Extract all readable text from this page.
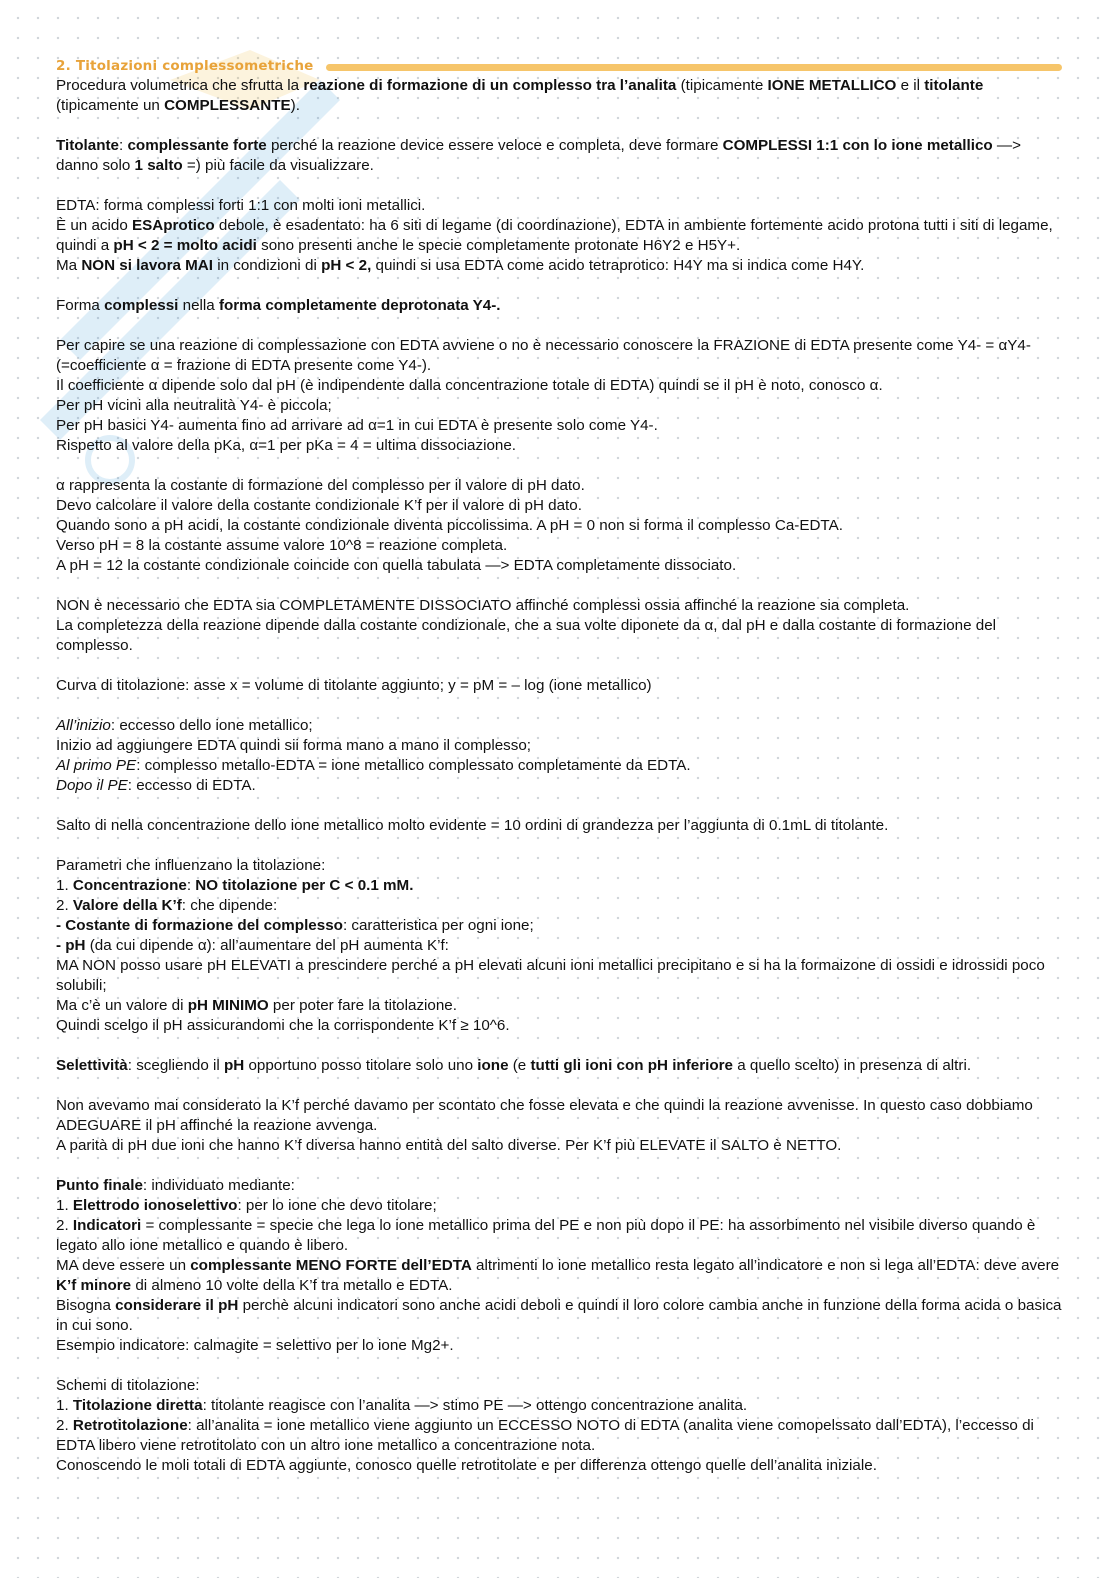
2. Titolazioni complessometriche

Procedura volumetrica che sfrutta la reazione di formazione di un complesso tra l’analita (tipicamente IONE METALLICO e il titolante (tipicamente un COMPLESSANTE).

Titolante: complessante forte perché la reazione device essere veloce e completa, deve formare COMPLESSI 1:1 con lo ione metallico —> danno solo 1 salto =) più facile da visualizzare.

EDTA: forma complessi forti 1:1 con molti ioni metallici.
È un acido ESAprotico debole, è esadentato: ha 6 siti di legame (di coordinazione), EDTA in ambiente fortemente acido protona tutti i siti di legame, quindi a pH < 2 = molto acidi sono presenti anche le specie completamente protonate H6Y2 e H5Y+.
Ma NON si lavora MAI in condizioni di pH < 2, quindi si usa EDTA come acido tetraprotico: H4Y ma si indica come H4Y.

Forma complessi nella forma completamente deprotonata Y4-.

Per capire se una reazione di complessazione con EDTA avviene o no è necessario conoscere la FRAZIONE di EDTA presente come Y4- = αY4- (=coefficiente α = frazione di EDTA presente come Y4-).
Il coefficiente α dipende solo dal pH (è indipendente dalla concentrazione totale di EDTA) quindi se il pH è noto, conosco α.
Per pH vicini alla neutralità Y4- è piccola;
Per pH basici Y4- aumenta fino ad arrivare ad α=1 in cui EDTA è presente solo come Y4-.
Rispetto al valore della pKa, α=1 per pKa = 4 = ultima dissociazione.

α rappresenta la costante di formazione del complesso per il valore di pH dato.
Devo calcolare il valore della costante condizionale K’f per il valore di pH dato.
Quando sono a pH acidi, la costante condizionale diventa piccolissima. A pH = 0 non si forma il complesso Ca-EDTA.
Verso pH = 8 la costante assume valore 10^8 = reazione completa.
A pH = 12 la costante condizionale coincide con quella tabulata —> EDTA completamente dissociato.

NON è necessario che EDTA sia COMPLETAMENTE DISSOCIATO affinché complessi ossia affinché la reazione sia completa.
La completezza della reazione dipende dalla costante condizionale, che a sua volte diponete da α, dal pH e dalla costante di formazione del complesso.

Curva di titolazione: asse x = volume di titolante aggiunto; y = pM = – log (ione metallico)

All’inizio: eccesso dello ione metallico;
Inizio ad aggiungere EDTA quindi sii forma mano a mano il complesso;
Al primo PE: complesso metallo-EDTA = ione metallico complessato completamente da EDTA.
Dopo il PE: eccesso di EDTA.

Salto di nella concentrazione dello ione metallico molto evidente = 10 ordini di grandezza per l’aggiunta di 0.1mL di titolante.

Parametri che influenzano la titolazione:
1. Concentrazione: NO titolazione per C < 0.1 mM.
2. Valore della K’f: che dipende:
- Costante di formazione del complesso: caratteristica per ogni ione;
- pH (da cui dipende α): all’aumentare del pH aumenta K’f:
MA NON posso usare pH ELEVATI a prescindere perché a pH elevati alcuni ioni metallici precipitano e si ha la formaizone di ossidi e idrossidi poco solubili;
Ma c’è un valore di pH MINIMO per poter fare la titolazione.
Quindi scelgo il pH assicurandomi che la corrispondente K’f ≥ 10^6.

Selettività: scegliendo il pH opportuno posso titolare solo uno ione (e tutti gli ioni con pH inferiore a quello scelto) in presenza di altri.

Non avevamo mai considerato la K’f perché davamo per scontato che fosse elevata e che quindi la reazione avvenisse. In questo caso dobbiamo ADEGUARE il pH affinché la reazione avvenga.
A parità di pH due ioni che hanno K’f diversa hanno entità del salto diverse. Per K’f più ELEVATE il SALTO è NETTO.

Punto finale: individuato mediante:
1. Elettrodo ionoselettivo: per lo ione che devo titolare;
2. Indicatori = complessante = specie che lega lo ione metallico prima del PE e non più dopo il PE: ha assorbimento nel visibile diverso quando è legato allo ione metallico e quando è libero.
MA deve essere un complessante MENO FORTE dell’EDTA altrimenti lo ione metallico resta legato all’indicatore e non si lega all’EDTA: deve avere K’f minore di almeno 10 volte della K’f tra metallo e EDTA.
Bisogna considerare il pH perchè alcuni indicatori sono anche acidi deboli e quindi il loro colore cambia anche in funzione della forma acida o basica in cui sono.
Esempio indicatore: calmagite = selettivo per lo ione Mg2+.

Schemi di titolazione:
1. Titolazione diretta: titolante reagisce con l’analita —> stimo PE —> ottengo concentrazione analita.
2. Retrotitolazione: all’analita = ione metallico viene aggiunto un ECCESSO NOTO di EDTA (analita viene comopelssato dall’EDTA), l’eccesso di EDTA libero viene retrotitolato con un altro ione metallico a concentrazione nota.
Conoscendo le moli totali di EDTA aggiunte, conosco quelle retrotitolate e per differenza ottengo quelle dell’analita iniziale.
